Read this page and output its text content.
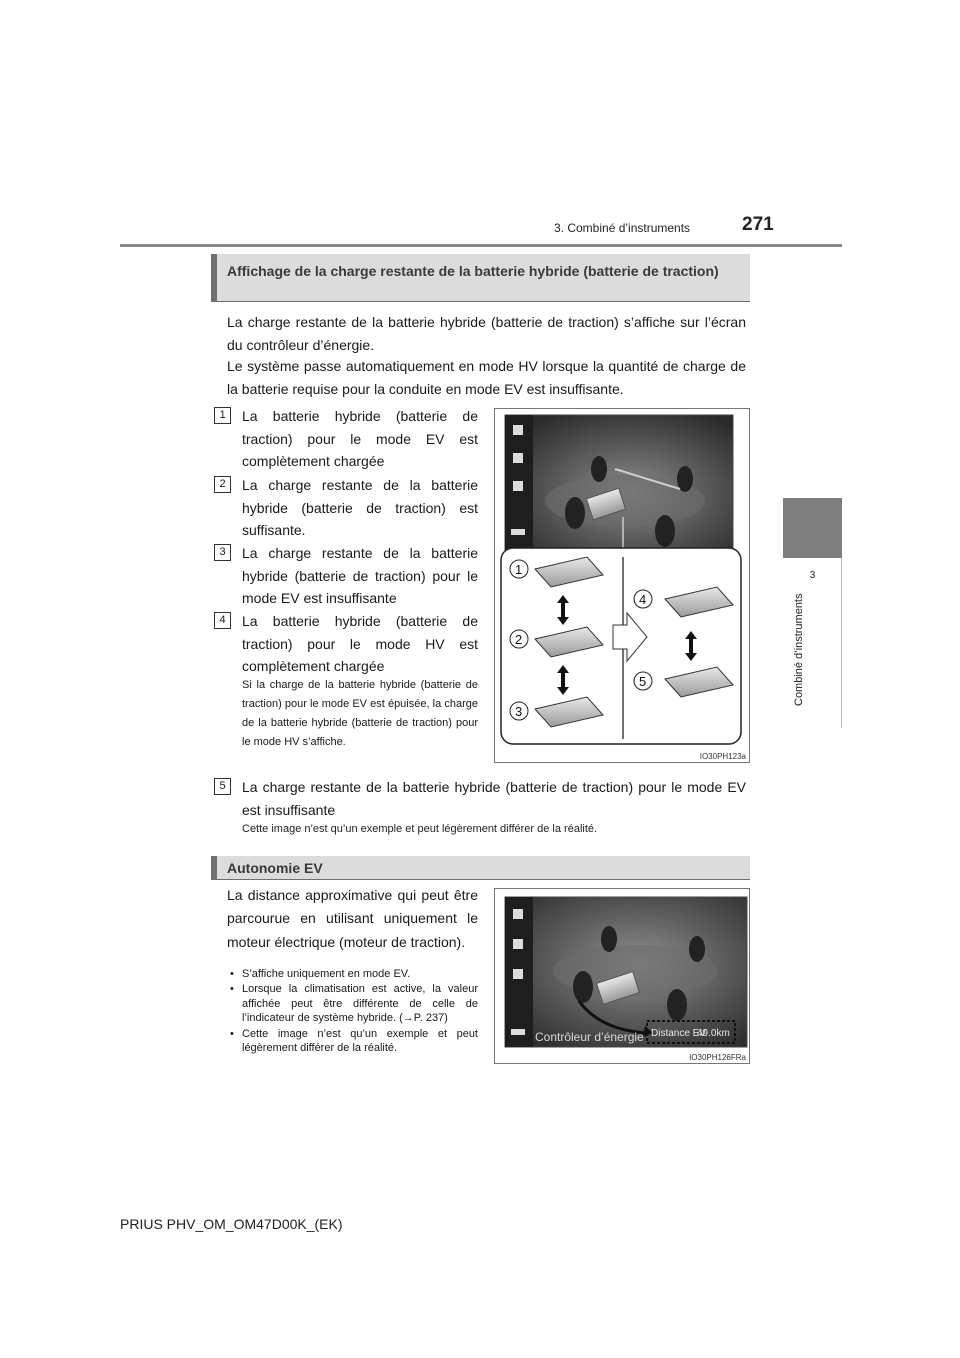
3. Combiné d’instruments	271
3
Combiné d’instruments
Affichage de la charge restante de la batterie hybride (batterie de traction)
La charge restante de la batterie hybride (batterie de traction) s’affiche sur l’écran du contrôleur d’énergie.
Le système passe automatiquement en mode HV lorsque la quantité de charge de la batterie requise pour la conduite en mode EV est insuffisante.
1	La batterie hybride (batterie de traction) pour le mode EV est complètement chargée
2	La charge restante de la batterie hybride (batterie de traction) est suffisante.
3	La charge restante de la batterie hybride (batterie de traction) pour le mode EV est insuffisante
4	La batterie hybride (batterie de traction) pour le mode HV est complètement chargée
Si la charge de la batterie hybride (batterie de traction) pour le mode EV est épuisée, la charge de la batterie hybride (batterie de traction) pour le mode HV s’affiche.
5	La charge restante de la batterie hybride (batterie de traction) pour le mode EV est insuffisante
Cette image n’est qu’un exemple et peut légèrement différer de la réalité.
1
2
3
4
5
IO30PH123a
Autonomie EV
La distance approximative qui peut être parcourue en utilisant uniquement le moteur électrique (moteur de traction).
• S’affiche uniquement en mode EV.
• Lorsque la climatisation est active, la valeur affichée peut être différente de celle de l’indicateur de système hybride. (→P. 237)
• Cette image n’est qu’un exemple et peut légèrement différer de la réalité.
Contrôleur d’énergie Distance EV
49.0km
IO30PH126FRa
PRIUS PHV_OM_OM47D00K_(EK)
